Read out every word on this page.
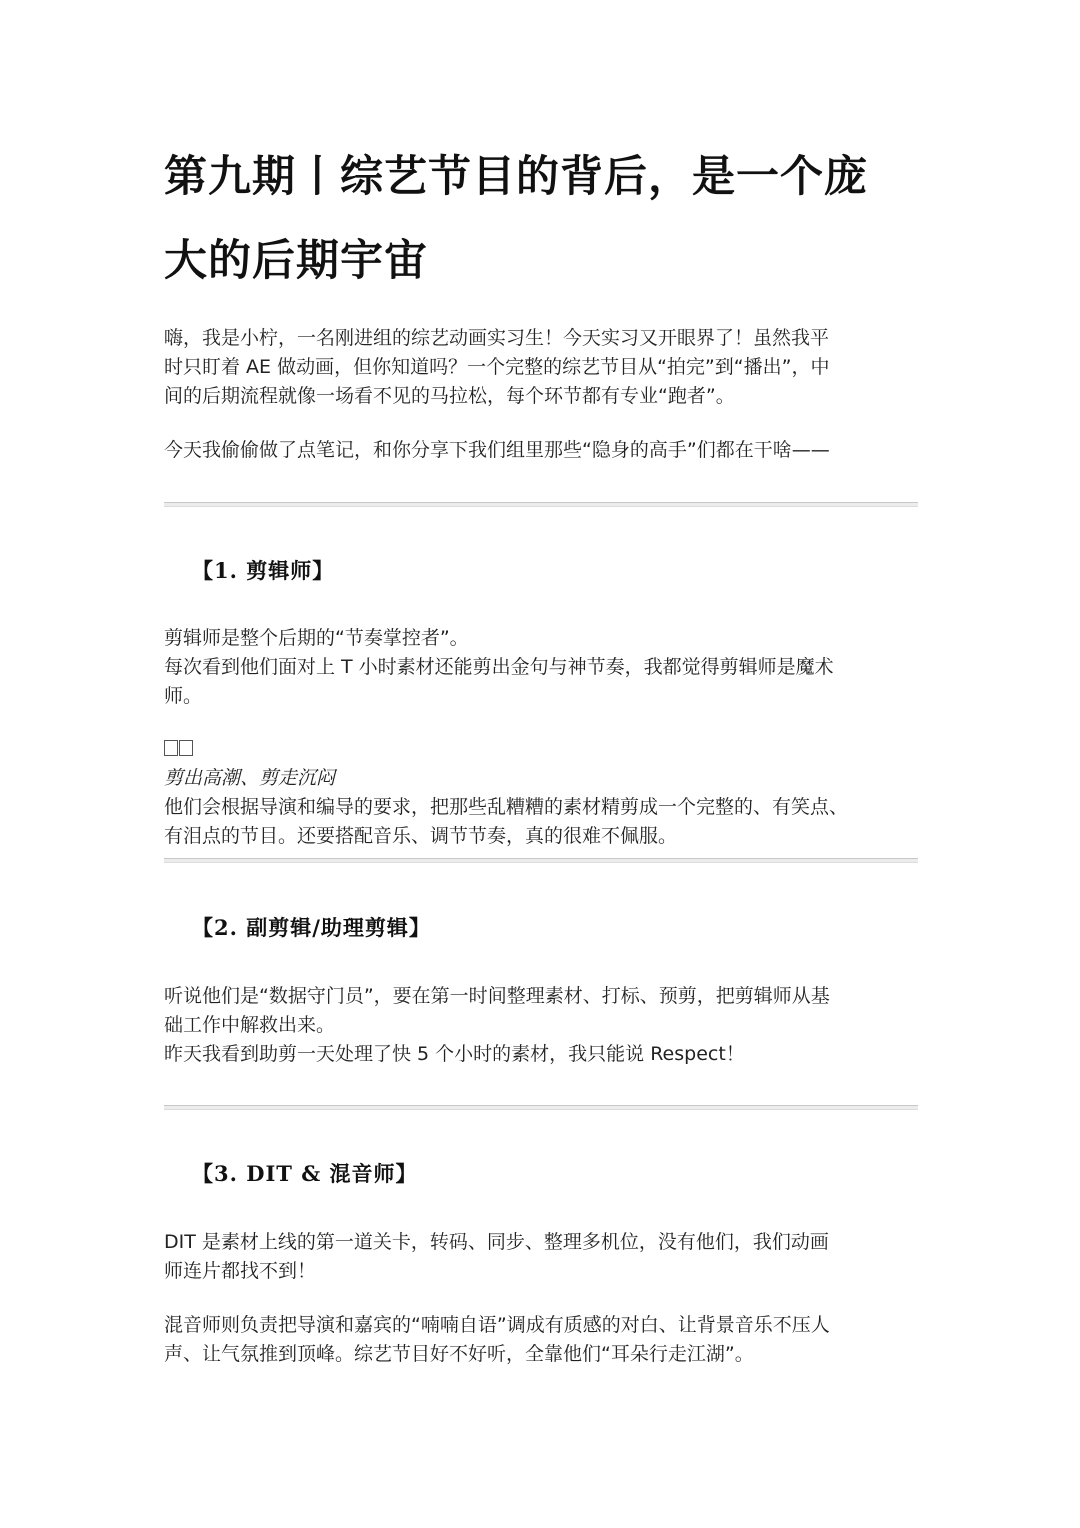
第九期丨综艺节目的背后，是一个庞
大的后期宇宙

嗨，我是小柠，一名刚进组的综艺动画实习生！今天实习又开眼界了！虽然我平
时只盯着 AE 做动画，但你知道吗？一个完整的综艺节目从“拍完”到“播出”，中
间的后期流程就像一场看不见的马拉松，每个环节都有专业“跑者”。

今天我偷偷做了点笔记，和你分享下我们组里那些“隐身的高手”们都在干啥——

【1. 剪辑师】

剪辑师是整个后期的“节奏掌控者”。
每次看到他们面对上 T 小时素材还能剪出金句与神节奏，我都觉得剪辑师是魔术
师。

剪出高潮、剪走沉闷
他们会根据导演和编导的要求，把那些乱糟糟的素材精剪成一个完整的、有笑点、
有泪点的节目。还要搭配音乐、调节节奏，真的很难不佩服。

【2. 副剪辑/助理剪辑】

听说他们是“数据守门员”，要在第一时间整理素材、打标、预剪，把剪辑师从基
础工作中解救出来。
昨天我看到助剪一天处理了快 5 个小时的素材，我只能说 Respect！

【3. DIT & 混音师】

DIT 是素材上线的第一道关卡，转码、同步、整理多机位，没有他们，我们动画
师连片都找不到！

混音师则负责把导演和嘉宾的“喃喃自语”调成有质感的对白、让背景音乐不压人
声、让气氛推到顶峰。综艺节目好不好听，全靠他们“耳朵行走江湖”。
